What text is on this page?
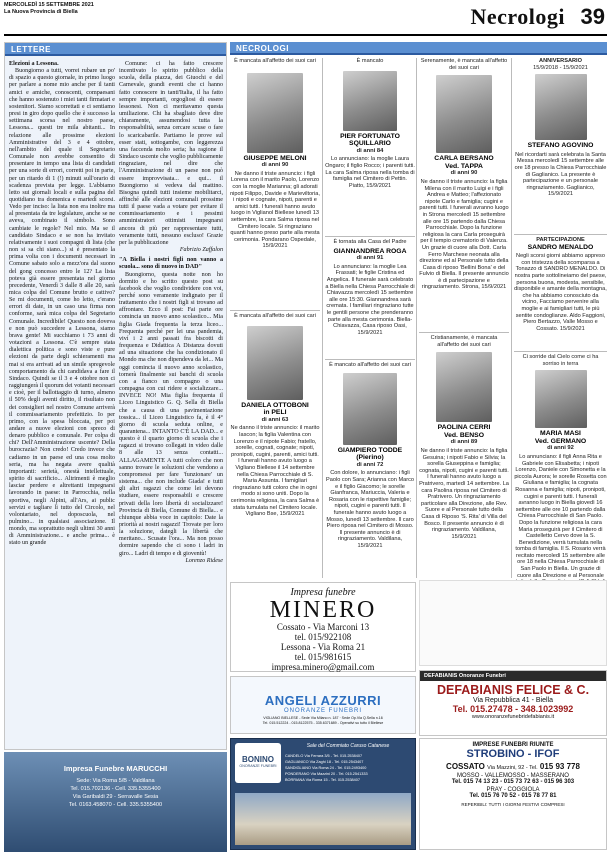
MERCOLEDÌ 15 SETTEMBRE 2021
La Nuova Provincia di Biella	Necrologi 39
LETTERE

Elezioni a Lessona.

Buongiorno a tutti, vorrei rubare un po' di spazio a questo giornale, in primo luogo per parlare a nome mio anche per il tanti amici e amiche, conoscenti, compaesani che hanno sostenuto i miei tanti firmatari e sostenitori. Siamo scorrettati e ci sentiamo presi in giro dopo quello che è successo la settimana scorsa nel nostro paese, Lessona... questi tre mila abitanti... In relazione alle prossime elezioni Amministrative del 3 e 4 ottobre, nell'ambito del quale il Segretario Comunale non avrebbe consentito di presentare in tempo una lista di candidati per una sorte di errori, corretti poi in parte, per un ritardo di 1 (!) minuti sull'orario di scadenza prevista per legge. L'abbiamo letto sui giornali locali e sulla pagina del quotidiano tra domenica e martedì scorsi. Vedo per inciso: la lista non era inoltre ma al presentata da tre legislature, anche se ne aveva, combinato il simbolo. Sono cambiate le regole? Nel mio. Ma se il candidato Sindaco e se non ha invitato relativamente i suoi compagni di lista (che non si sa chi siano...) si è presentato la prima volta con i documenti necessari in Comune sabato solo a mezz'ora dal suono del gong concesso entro le 12? La lista poteva già essere presentata nel giorno precedente, Venerdì 3 dalle 8 alle 20, sarà mica colpa del Comune brutto e cattivo? Se mi documenti, come ho letto, c'erano errori di date, in un caso una firma non conforme, sarà mica colpa del Segretario Comunale. Incredibile! Questo non doveva e non può succedere a Lessona, siamo brava gente! Mi succhiamo i 73 anni di votazioni a Lessona. C'è sempre stata dialettica politica e sono viste e pure elezioni da parte degli schieramenti ma mai si era arrivati ad un simile spregevole comportamento da chi candidava a fare il Sindaco. Quindi se il 3 e 4 ottobre non ci raggiungerà il quorum dei votanti necessari e cioè, per il ballottaggio di turno, almeno il 50% degli aventi diritto, il risultato non dei consiglieri nel nostro Comune arriverà il commissariamento prefettizio. Io per primo, con la spesa bloccata, per poi andare a nuove elezioni con spreco di denaro pubblico e comunale. Per colpa di chi? Dell'Amministrazione uscente? Della burocrazia? Non credo! Credo invece che cadiamo in un paese ed una cosa molto seria, ma ha negata avere qualità importanti: serietà, onestà intellettuale, spirito di sacrificio... Altrimenti è meglio lasciar perdere e altrettanti impegnarsi lavorando in paese: in Parrocchia, nella sportiva, negli Alpini, all'Ars, ai public servizi e tagliare lì tutto del Circolo, nel volontariato, nel doposcuola, nel pulmino... in qualsiasi associazione. Il mondo, ma soprattutto negli ultimi 30 anni di Amministrazione... e anche prima... è stato un grande

Comune: ci ha fatto crescere incentivato lo spirito pubblico della scuola, della piazza, dei Giuochi e del Carnevale, grandi eventi che ci hanno fatto conoscere in tanti'Italia, il ha fatto sempre importanti, orgogliosi di essere lessonesi. Non ci meritavamo questa umiliazione. Chi ha sbagliato deve dire chiaramente, assumendosi tutta la responsabilità, senza cercare scuse o fare lo scaricabarile. Partiamo le prove sul esser stati, sottogambe, con leggerezza una faccenda molto seria; ha ragione il Sindaco uscente che voglio pubblicamente ringraziare, nel dire che l'Amministrazione di un paese non può essere improvvisata... e qui... il Buongiorno si vedeva dal mattino. Bisogna quindi tutti insieme mobilitarci, affinché alle elezioni comunali prossime tutti il paese vada a votare per evitare il commissariamento e i pessimi amministratori ottimisti impegnarsi ancora di più per rappresentare tutti, veramente tutti, nessuno escluso! Grazie per la pubblicazione

Fabrizio Zaffalon

"A Biella i nostri figli non vanno a scuola... sono di nuovo in DAD"

Buongiorno, questa notte non ho dormito e ho scritto questo post su facebook che voglio condividere con voi, perché sono veramente indignato per il trattamento che i nostri figli si trovano ad affrontare. Ecco il post: Fai parte ore comincia un nuovo anno scolastico... Mia figlia Giada frequenta la terza liceo... Frequenta perché per lei una pandemia, viví i 2 anni passati fra biscotti di frequenza e Didattica A Distanza dovuti ad una situazione che ha condizionato il Mondo ma che non dipendeva da lei... Ma oggi comincia il nuovo anno scolastico, tornerà finalmente sui banchi di scuola con a fianco un compagno o una compagna con cui ridere e socializzare... INVECE NO! Mia figlia frequenta il Liceo Linguistico G. Q. Sella di Biella che a causa di una pavimentazione tossica... il Liceo Linguistico fa, è il 4° giorno di scuola seduta online, e quarantena... INTANTO C'È LA DAD... e questo è il quarto giorno di scuola che i ragazzi si trovano collegati in video dalle 8 alle 13 senza contatti... ALLAGAMENTE A tutti coloro che non sanno trovare le soluzioni che vendono a compromessi per fare 'funzionare' un sistema... che non include Giada! e tutti gli altri ragazzi che come lei devono studiare, essere responsabili e crescere privati della loro libertà di socializzare! Provincia di Biella, Comune di Biella... e chiunque abbia voce in capitolo: Date la priorità ai nostri ragazzi! Trovate per loro la soluzione, dategli la libertà che meritano... Scusate l'ora... Ma non posso dormire sapendo che ci sono i ladri in giro... Ladri di tempo e di gioventù!

Lorenzo Ridese

Impresa Funebre MARUCCHI
Sede: Via Roma 5/B - Valdilana
Tel. 015.702136 - Cell. 335.5355400
Via Garibaldi 29 - Serravalle Sesia
Tel. 0163.458070 - Cell. 335.5355400
NECROLOGI
È mancata all'affetto dei suoi cari
GIUSEPPE MELONI
di anni 90
Ne danno il triste annuncio: i figli Lorena con il marito Paolo, Lorenzo con la moglie Marianna; gli adorati nipoti Filippo, Davide e Marieviltoria, i nipoti e cognate, nipoti, parenti e amici tutti. I funerali hanno avuto luogo in Viglianol Biellese lunedì 13 settembre, la cara Salma riposa nel Cimitero locale. Si ringraziano quanti hanno preso parte alla mesta cerimonia. Pondarano Ospedale, 15/9/2021
È mancata all'affetto dei suoi cari
DANIELA OTTOBONI
in PELI
di anni 63
Ne danno il triste annuncio: il marito Iascon; la figlia Valentina con Lorenzo e il nipote Fabio; fratello, sorelle, cognati, cognate; nipoti, pronipoti, cugini, parenti, amici tutti. I funerali hanno avuto luogo a Vigliano Biellese il 14 settembre nella Chiesa Parrocchiale di S. Maria Assunta. I famigliari ringraziano tutti coloro che in ogni modo si sono uniti. Dopo la cerimonia religiosa, la cara Salma è stata tumulata nel Cimitero locale. Vigliano Bse, 15/9/2021
È mancato
PIER FORTUNATO SQUILLARIO
di anni 84
Lo annunciano: la moglie Laura Ongaro; il figlio Rocco; i parenti tutti. La cara Salma riposa nella tomba di famiglia nel Cimitero di Pettin. Piatto, 15/9/2021
È tornata alla Casa del Padre
GIANNANDREA ROGA
di anni 91
Lo annunciano: la moglie Lea Frassati; le figlie Cristina ed Angelica. Il funerale sarà celebrato a Biella nella Chiesa Parrocchiale di Chiavazza mercoledì 15 settembre alle ore 15:30. Giannandrea sarà cremata. I familiari ringraziano tutte le gentili persone che prenderanno parte alla mesta cerimonia. Biella-Chiavazza, Casa riposo Oasi, 15/9/2021
È mancato all'affetto dei suoi cari
GIAMPIERO TODDE
(Pierino)
di anni 72
Con dolore, lo annunciano: i figli Paolo con Sara; Arianna con Marco e il figlio Giacomo; le sorelle Gianfranca, Mariuccia, Valeria e Rosaria con le rispettive famiglie; nipoti, cugini e parenti tutti. Il funerale hanno avuto luogo a Mosso, lunedì 13 settembre. Il caro Piero riposa nel Cimitero di Mosso. Il presente annuncio è di ringraziamento. Valdilana, 15/9/2021
Serenamente, è mancata all'affetto dei suoi cari
CARLA BERSANO
Ved. TAPPA
di anni 90
Ne danno il triste annuncio: la figlia Milena con il marito Luigi e i figli Andrea e Matteo; l'affezionato nipote Carlo e famiglia; cugini e parenti tutti. I funerali avranno luogo in Strona mercoledì 15 settembre alle ore 15 partendo dalla Chiesa Parrocchiale. Dopo la funzione religiosa la cara Carla proseguirà per il tempio crematorio di Valenza. Un grazie di cuore alla Dott. Carla Ferro Marchese neonata alla direzione ed al Personale tutto della Casa di riposo 'Bellini Bona' e del Fulvio di Biella. Il presente annuncio è di partecipazione e ringraziamento. Strona, 15/9/2021
Cristianamente, è mancata all'affetto dei suoi cari
PAOLINA CERRI
Ved. BENSO
di anni 89
Ne danno il triste annuncio: la figlia Gesuina; i nipoti Fabio e Silvia; la sorella Giuseppina e famiglia; cognata, nipoti, cugini e parenti tutti. I funerali hanno avuto luogo a Pratrivero, martedì 14 settembre. La cara Paolina riposa nel Cimitero di Pratrivero. Un ringraziamento particolare alla Direzione, alle Rev. Suore e al Personale tutto della Casa di Riposo 'S. Rita' di Villa del Bosco. Il presente annuncio è di ringraziamento. Valdilana, 15/9/2021
ANNIVERSARIO
15/9/2018 - 15/9/2021
STEFANO AGOVINO
Nel ricordarti sarà celebrata la Santa Messa mercoledì 15 settembre alle ore 18 presso la Chiesa Parrocchiale di Gaglianico. La presente è partecipazione e un personale ringraziamento. Gaglianico, 15/9/2021
PARTECIPAZIONE
SANDRO MENALDO
Negli scorsi giorni abbiamo appreso con tristezza della scomparsa a Tonazzo di SANDRO MENALDO. Di nostra parte sottolineiamo del paese, persona buona, modesta, sensibile, disponibile e amante della montagna, che ha abbiamo conosciuto da vicino, Facciamo pervenire alla moglie e ai famigliari tutti, le più sentite condoglianze. Aldo Faggioni, Piero Bertazzo, Valle Mosso e Cossato. 15/9/2021
Ci sorride dal Cielo come ci ha sorriso in terra
MARIA MASI
Ved. GERMANO
di anni 92
Lo annunciano: il figli Anna Rita e Gabriele con Elisabetta; i nipoti Lorenzo, Daniele con Simonetta e la piccola Aurora; le sorelle Rosetta con Giuliana e famiglia; la cognata Rosanna e famiglia; nipoti, pronipoti, cugini e parenti tutti. I funerali avranno luogo in Biella giovedì 16 settembre alle ore 10 partendo dalla Chiesa Parrocchiale di San Paolo. Dopo la funzione religiosa la cara Maria proseguirà per il Cimitero di Castelletto Cervo dove la S. Benedizione, verrà tumulata nella tomba di famiglia. Il S. Rosario verrà recitato mercoledì 15 settembre alle ore 18 nella Chiesa Parrocchiale di San Paolo in Biella. Un grazie di cuore alla Direzione e al Personale
Impresa funebre
MINERO
Cossato - Via Marconi 13
tel. 015/922108
Lessona - Via Roma 21
tel. 015/981615
impresa.minero@gmail.com
ANGELI AZZURRI
ONORANZE FUNEBRI
VIGLIANO BIELLESE - Sede Via Milano n. 187 · Sede Op.Via Q.Sella n.16
Tel. 015.512224 - 015.8122575 - 335.6371689 - Operativi su tutto il Biellese
BONINO
ONORANZE FUNEBRI
Sale del Commiato Caruso Catanese
CANDELO Via Ferrara 3/5 - Tel. 015.2538407
GAGLIANICO Via Zaghi 18 - Tel. 015.2543407
SANDIGLIANO Via Roma 24 - Tel. 015.2493400
PONDERANO Via Mazzini 20 - Tel. 015.2541333
BORRIANA Via Roma 15 - Tel. 015.2538407
DEFABIANIS Onoranze Funebri
DEFABIANIS FELICE & C.
Via Repubblica 41 - Biella
Tel. 015.27478 - 348.1023992
www.onoranzefunebridefabianis.it
IMPRESE FUNEBRI RIUNITE
STROBINO - IFOF
COSSATO Via Mazzini, 92 - Tel. 015 93 778
MOSSO - VALLEMOSSO - MASSERANO
Tel. 015 74 13 23 - 015 73 72 63 - 015 96 303
PRAY - COGGIOLA
Tel. 015 76 70 52 - 015 78 77 81
REPERIBILI: TUTTI I GIORNI FESTIVI COMPRESI
